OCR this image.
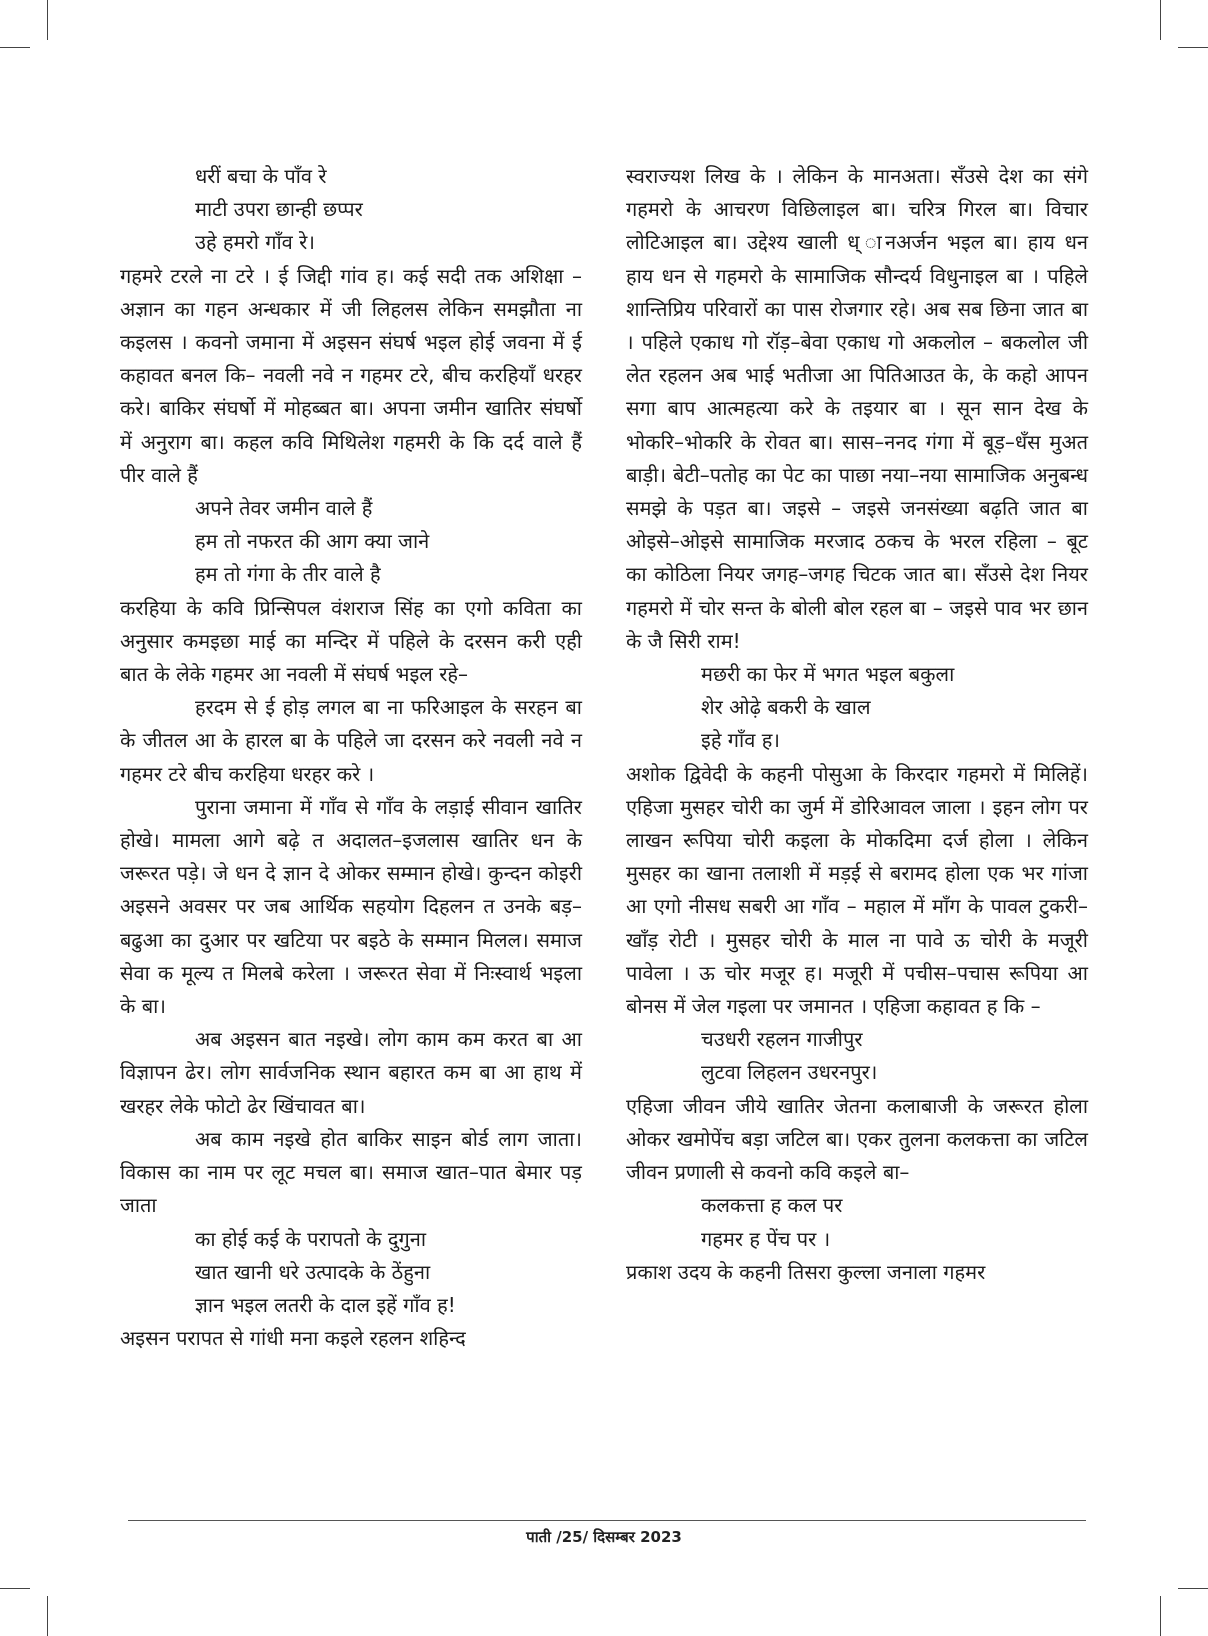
धरीं बचा के पाँव रे

माटी उपरा छान्ही छप्पर

उहे हमरो गाँव रे।

गहमरे टरले ना टरे । ई जिद्दी गांव ह। कई सदी तक अशिक्षा – अज्ञान का गहन अन्धकार में जी लिहलस लेकिन समझौता ना कइलस । कवनो जमाना में अइसन संघर्ष भइल होई जवना में ई कहावत बनल कि– नवली नवे न गहमर टरे, बीच करहियाँ धरहर करे। बाकिर संघर्षो में मोहब्बत बा। अपना जमीन खातिर संघर्षो में अनुराग बा। कहल कवि मिथिलेश गहमरी के कि दर्द वाले हैं पीर वाले हैं

अपने तेवर जमीन वाले हैं

हम तो नफरत की आग क्या जाने

हम तो गंगा के तीर वाले है

करहिया के कवि प्रिन्सिपल वंशराज सिंह का एगो कविता का अनुसार कमइछा माई का मन्दिर में पहिले के दरसन करी एही बात के लेके गहमर आ नवली में संघर्ष भइल रहे–

हरदम से ई होड़ लगल बा ना फरिआइल के सरहन बा के जीतल आ के हारल बा के पहिले जा दरसन करे नवली नवे न गहमर टरे बीच करहिया धरहर करे ।

पुराना जमाना में गाँव से गाँव के लड़ाई सीवान खातिर होखे। मामला आगे बढ़े त अदालत–इजलास खातिर धन के जरूरत पड़े। जे धन दे ज्ञान दे ओकर सम्मान होखे। कुन्दन कोइरी अइसने अवसर पर जब आर्थिक सहयोग दिहलन त उनके बड़–बढुआ का दुआर पर खटिया पर बइठे के सम्मान मिलल। समाज सेवा क मूल्य त मिलबे करेला । जरूरत सेवा में निःस्वार्थ भइला के बा।

अब अइसन बात नइखे। लोग काम कम करत बा आ विज्ञापन ढेर। लोग सार्वजनिक स्थान बहारत कम बा आ हाथ में खरहर लेके फोटो ढेर खिंचावत बा।

अब काम नइखे होत बाकिर साइन बोर्ड लाग जाता। विकास का नाम पर लूट मचल बा। समाज खात–पात बेमार पड़ जाता

का होई कई के परापतो के दुगुना

खात खानी धरे उत्पादके के ठेंहुना

ज्ञान भइल लतरी के दाल इहें गाँव ह!

अइसन परापत से गांधी मना कइले रहलन शहिन्द

स्वराज्यश लिख के । लेकिन के मानअता। सँउसे देश का संगे गहमरो के आचरण विछिलाइल बा। चरित्र गिरल बा। विचार लोटिआइल बा। उद्देश्य खाली ध् ानअर्जन भइल बा। हाय धन हाय धन से गहमरो के सामाजिक सौन्दर्य विधुनाइल बा । पहिले शान्तिप्रिय परिवारों का पास रोजगार रहे। अब सब छिना जात बा । पहिले एकाध गो रॉड़–बेवा एकाध गो अकलोल – बकलोल जी लेत रहलन अब भाई भतीजा आ पितिआउत के, के कहो आपन सगा बाप आत्महत्या करे के तइयार बा । सून सान देख के भोकरि–भोकरि के रोवत बा। सास–ननद गंगा में बूड़–धँस मुअत बाड़ी। बेटी–पतोह का पेट का पाछा नया–नया सामाजिक अनुबन्ध समझे के पड़त बा। जइसे – जइसे जनसंख्या बढ़ति जात बा ओइसे–ओइसे सामाजिक मरजाद ठकच के भरल रहिला – बूट का कोठिला नियर जगह–जगह चिटक जात बा। सँउसे देश नियर गहमरो में चोर सन्त के बोली बोल रहल बा – जइसे पाव भर छान के जै सिरी राम!

मछरी का फेर में भगत भइल बकुला

शेर ओढ़े बकरी के खाल

इहे गाँव ह।

अशोक द्विवेदी के कहनी पोसुआ के किरदार गहमरो में मिलिहें। एहिजा मुसहर चोरी का जुर्म में डोरिआवल जाला । इहन लोग पर लाखन रूपिया चोरी कइला के मोकदिमा दर्ज होला । लेकिन मुसहर का खाना तलाशी में मड़ई से बरामद होला एक भर गांजा आ एगो नीसध सबरी आ गाँव – महाल में माँग के पावल टुकरी–खाँड़ रोटी । मुसहर चोरी के माल ना पावे ऊ चोरी के मजूरी पावेला । ऊ चोर मजूर ह। मजूरी में पचीस–पचास रूपिया आ बोनस में जेल गइला पर जमानत । एहिजा कहावत ह कि –

चउधरी रहलन गाजीपुर

लुटवा लिहलन उधरनपुर।

एहिजा जीवन जीये खातिर जेतना कलाबाजी के जरूरत होला ओकर खमोपेंच बड़ा जटिल बा। एकर तुलना कलकत्ता का जटिल जीवन प्रणाली से कवनो कवि कइले बा–

कलकत्ता ह कल पर

गहमर ह पेंच पर ।

प्रकाश उदय के कहनी तिसरा कुल्ला जनाला गहमर

पाती /25/ दिसम्बर 2023
